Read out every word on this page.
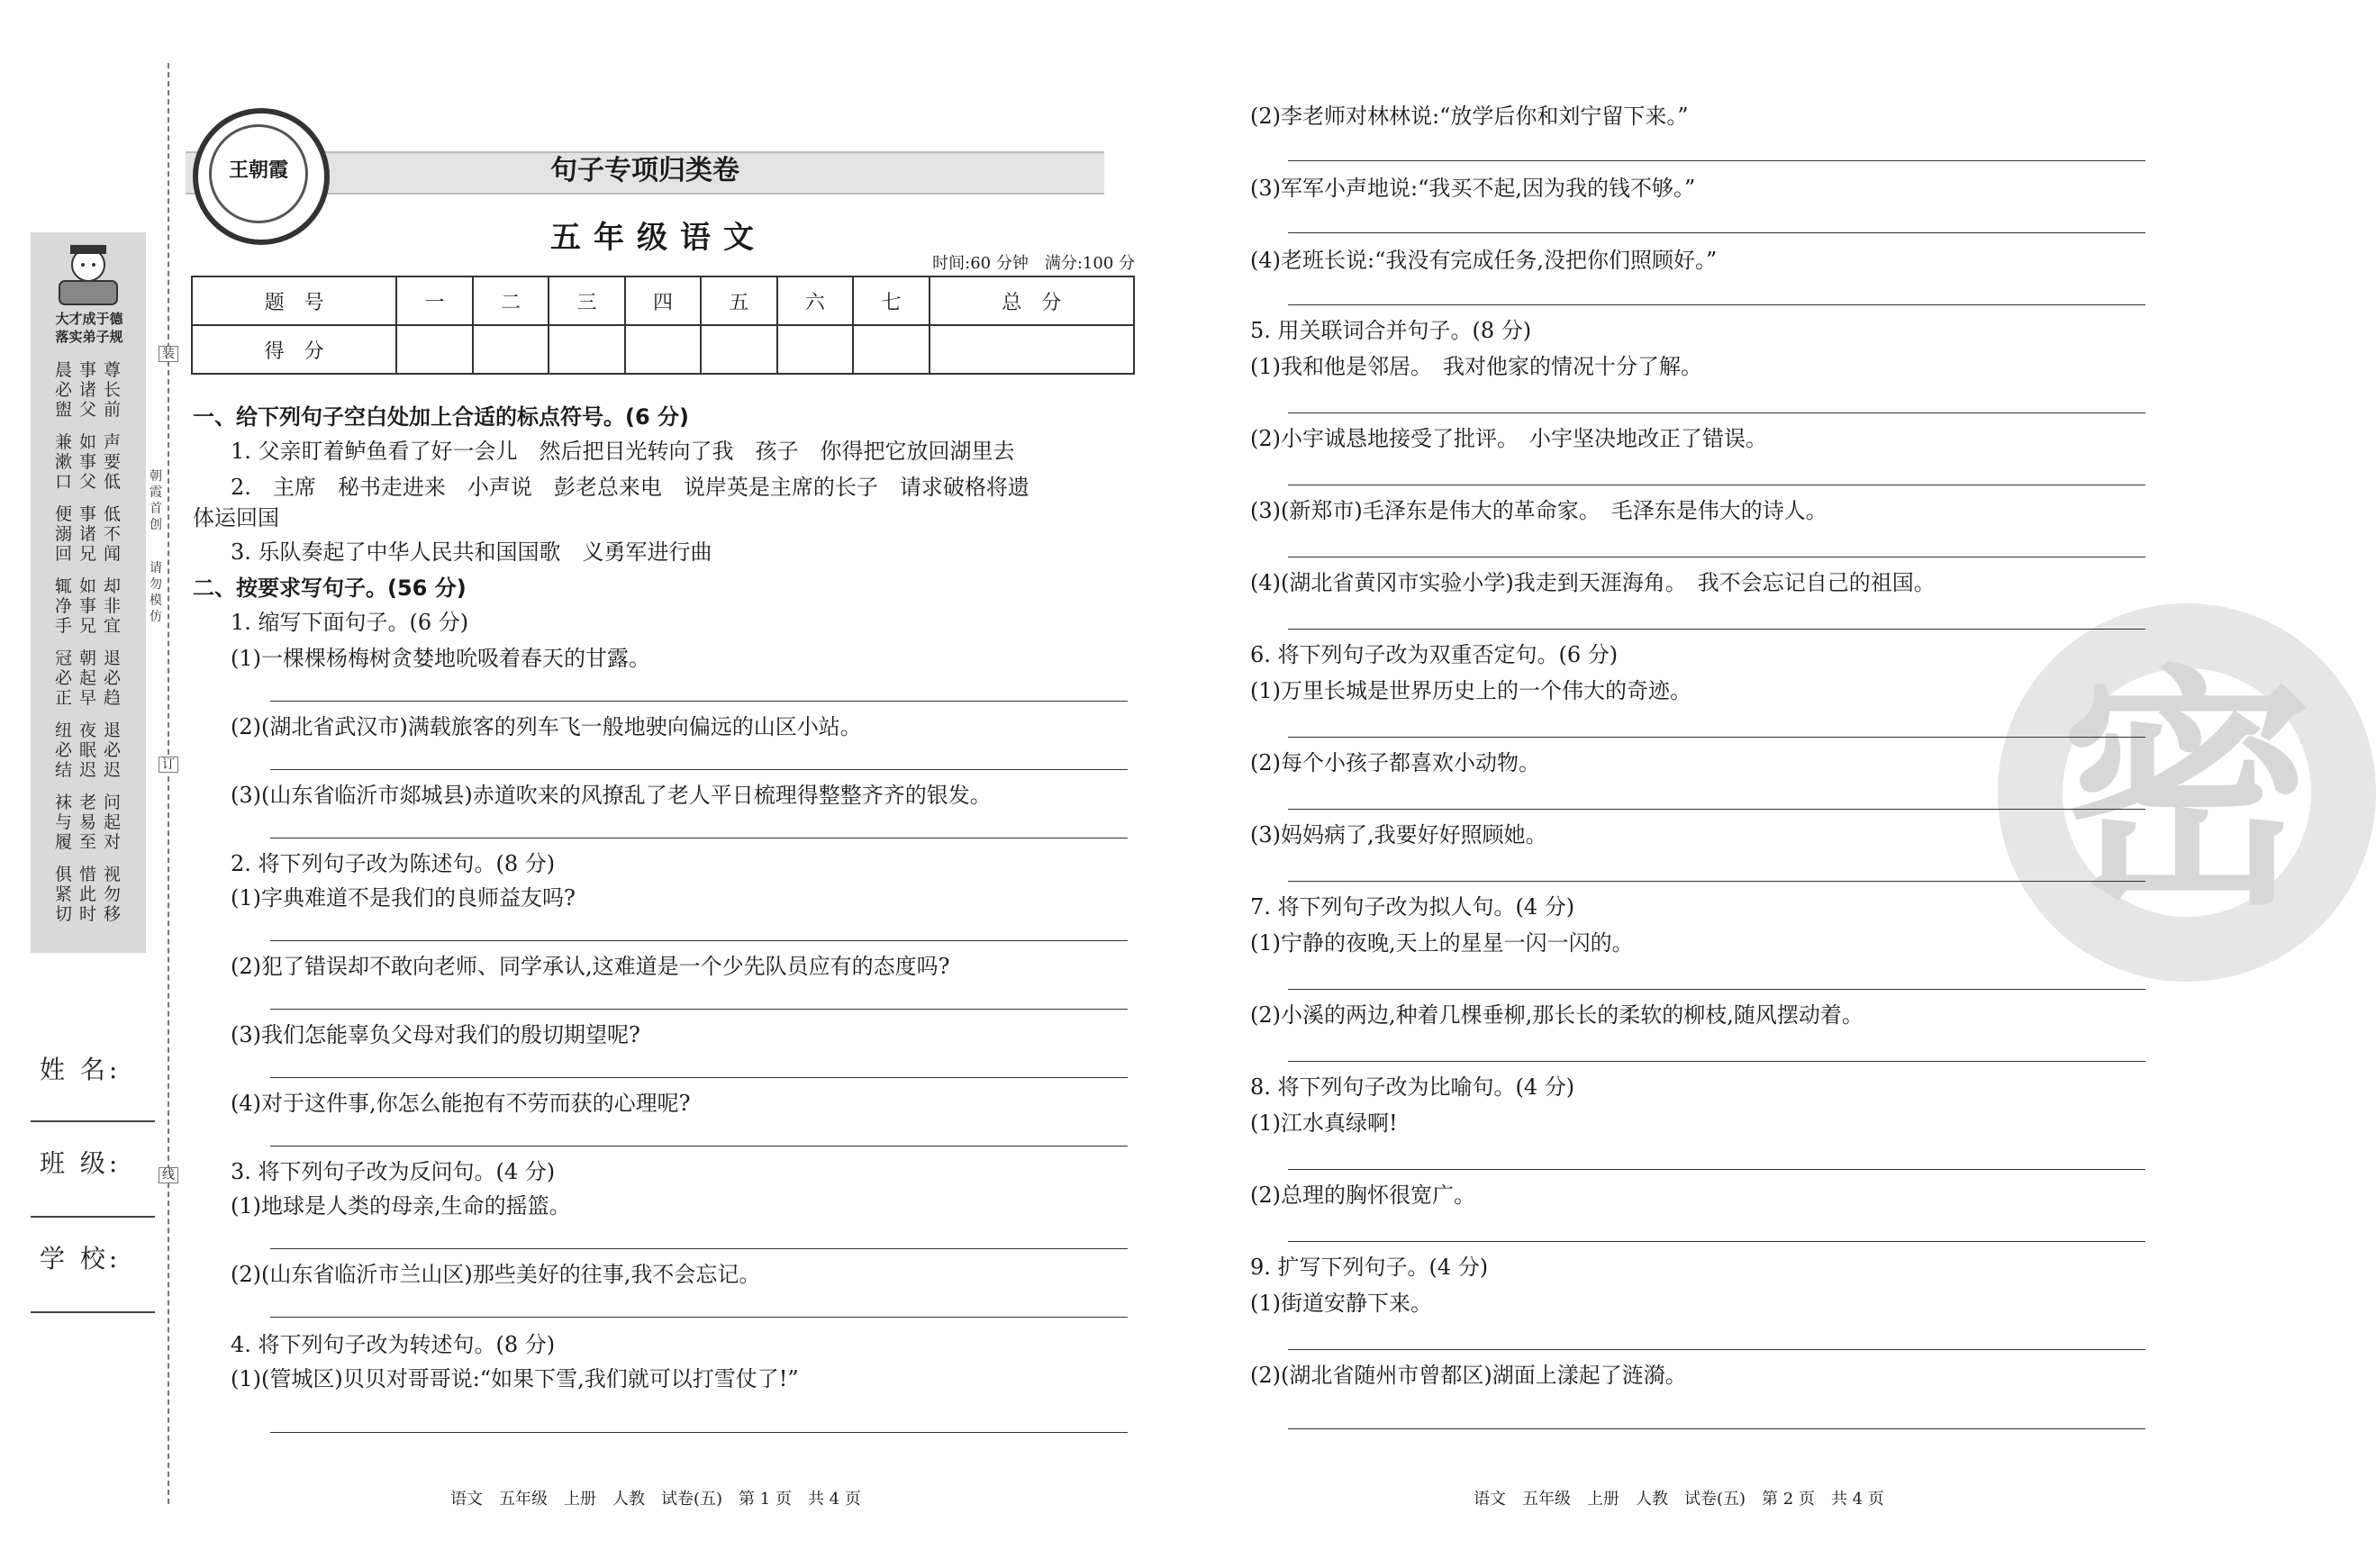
大才成于德
落实弟子规
晨 事 尊
必 诸 长
盥 父 前
兼 如 声
漱 事 要
口 父 低
便 事 低
溺 诸 不
回 兄 闻
辄 如 却
净 事 非
手 兄 宜
冠 朝 退
必 起 必
正 早 趋
纽 夜 退
必 眠 必
结 迟 迟
袜 老 问
与 易 起
履 至 对
俱 惜 视
紧 此 勿
切 时 移
姓 名:
班 级:
学 校:
装
订
线
朝霞首创
请勿模仿
句子专项归类卷
王朝霞
五年级语文
时间:60 分钟　满分:100 分
题　号	一	二	三	四	五	六	七	总　分
得　分								
一、给下列句子空白处加上合适的标点符号。(6 分)
1. 父亲盯着鲈鱼看了好一会儿　然后把目光转向了我　孩子　你得把它放回湖里去
2.　主席　秘书走进来　小声说　彭老总来电　说岸英是主席的长子　请求破格将遗
体运回国
3. 乐队奏起了中华人民共和国国歌　义勇军进行曲
二、按要求写句子。(56 分)
1. 缩写下面句子。(6 分)
(1)一棵棵杨梅树贪婪地吮吸着春天的甘露。
(2)(湖北省武汉市)满载旅客的列车飞一般地驶向偏远的山区小站。
(3)(山东省临沂市郯城县)赤道吹来的风撩乱了老人平日梳理得整整齐齐的银发。
2. 将下列句子改为陈述句。(8 分)
(1)字典难道不是我们的良师益友吗?
(2)犯了错误却不敢向老师、同学承认,这难道是一个少先队员应有的态度吗?
(3)我们怎能辜负父母对我们的殷切期望呢?
(4)对于这件事,你怎么能抱有不劳而获的心理呢?
3. 将下列句子改为反问句。(4 分)
(1)地球是人类的母亲,生命的摇篮。
(2)(山东省临沂市兰山区)那些美好的往事,我不会忘记。
4. 将下列句子改为转述句。(8 分)
(1)(管城区)贝贝对哥哥说:“如果下雪,我们就可以打雪仗了!”
语文　五年级　上册　人教　试卷(五)　第 1 页　共 4 页
密
(2)李老师对林林说:“放学后你和刘宁留下来。”
(3)军军小声地说:“我买不起,因为我的钱不够。”
(4)老班长说:“我没有完成任务,没把你们照顾好。”
5. 用关联词合并句子。(8 分)
(1)我和他是邻居。　我对他家的情况十分了解。
(2)小宇诚恳地接受了批评。　小宇坚决地改正了错误。
(3)(新郑市)毛泽东是伟大的革命家。　毛泽东是伟大的诗人。
(4)(湖北省黄冈市实验小学)我走到天涯海角。　我不会忘记自己的祖国。
6. 将下列句子改为双重否定句。(6 分)
(1)万里长城是世界历史上的一个伟大的奇迹。
(2)每个小孩子都喜欢小动物。
(3)妈妈病了,我要好好照顾她。
7. 将下列句子改为拟人句。(4 分)
(1)宁静的夜晚,天上的星星一闪一闪的。
(2)小溪的两边,种着几棵垂柳,那长长的柔软的柳枝,随风摆动着。
8. 将下列句子改为比喻句。(4 分)
(1)江水真绿啊!
(2)总理的胸怀很宽广。
9. 扩写下列句子。(4 分)
(1)街道安静下来。
(2)(湖北省随州市曾都区)湖面上漾起了涟漪。
语文　五年级　上册　人教　试卷(五)　第 2 页　共 4 页
